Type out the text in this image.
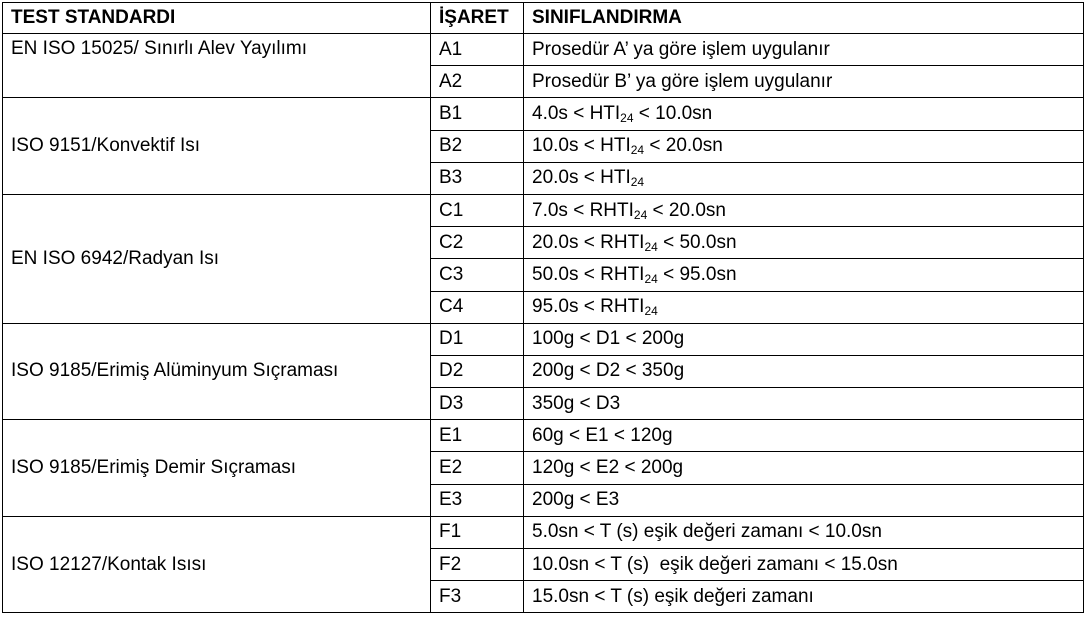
TEST STANDARDI	İŞARET	SINIFLANDIRMA
EN ISO 15025/ Sınırlı Alev Yayılımı	A1	Prosedür A’ ya göre işlem uygulanır
	A2	Prosedür B’ ya göre işlem uygulanır
ISO 9151/Konvektif Isı	B1	$4.0s < HTI_{24} < 10.0sn$
	B2	$10.0s < HTI_{24} < 20.0sn$
	B3	$20.0s < HTI_{24}$
EN ISO 6942/Radyan Isı	C1	$7.0s < RHTI_{24} < 20.0sn$
	C2	$20.0s < RHTI_{24} < 50.0sn$
	C3	$50.0s < RHTI_{24} < 95.0sn$
	C4	$95.0s < RHTI_{24}$
ISO 9185/Erimiş Alüminyum Sıçraması	D1	100g < D1 < 200g
	D2	200g < D2 < 350g
	D3	350g < D3
ISO 9185/Erimiş Demir Sıçraması	E1	60g < E1 < 120g
	E2	120g < E2 < 200g
	E3	200g < E3
ISO 12127/Kontak Isısı	F1	5.0sn < T (s) eşik değeri zamanı < 10.0sn
	F2	10.0sn < T (s)  eşik değeri zamanı < 15.0sn
	F3	15.0sn < T (s) eşik değeri zamanı
